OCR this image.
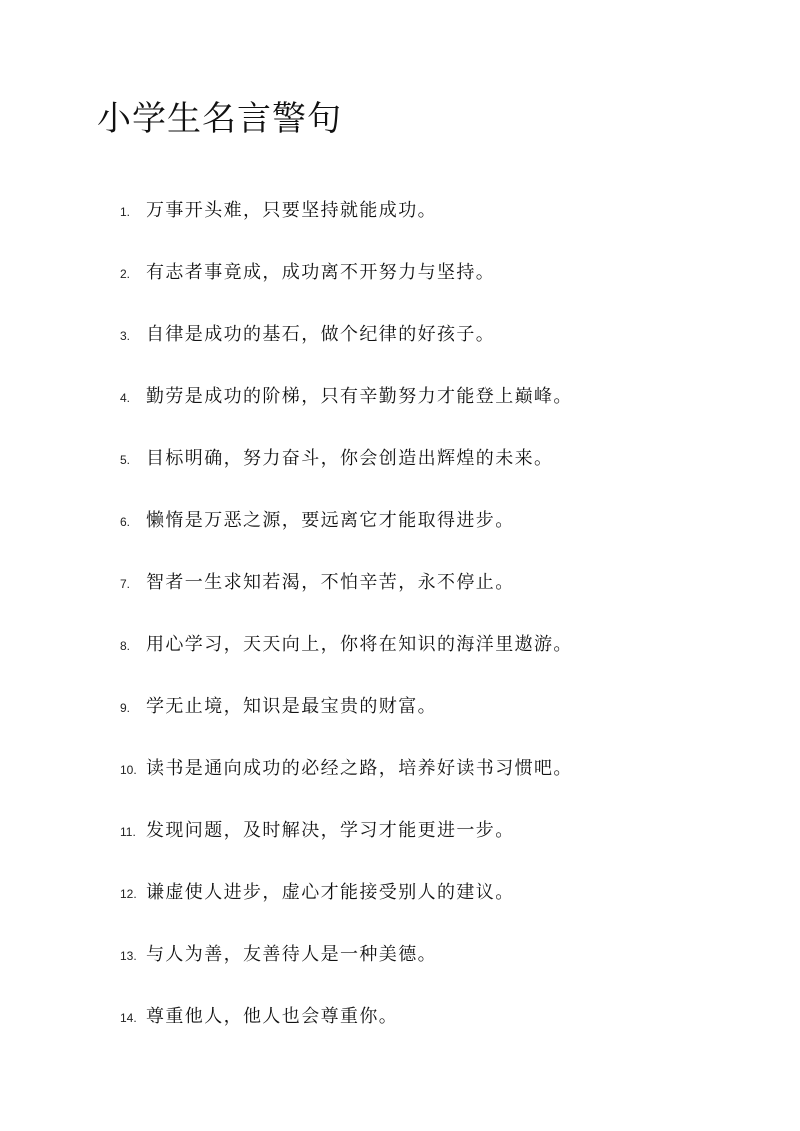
小学生名言警句
1. 万事开头难，只要坚持就能成功。
2. 有志者事竟成，成功离不开努力与坚持。
3. 自律是成功的基石，做个纪律的好孩子。
4. 勤劳是成功的阶梯，只有辛勤努力才能登上巅峰。
5. 目标明确，努力奋斗，你会创造出辉煌的未来。
6. 懒惰是万恶之源，要远离它才能取得进步。
7. 智者一生求知若渴，不怕辛苦，永不停止。
8. 用心学习，天天向上，你将在知识的海洋里遨游。
9. 学无止境，知识是最宝贵的财富。
10. 读书是通向成功的必经之路，培养好读书习惯吧。
11. 发现问题，及时解决，学习才能更进一步。
12. 谦虚使人进步，虚心才能接受别人的建议。
13. 与人为善，友善待人是一种美德。
14. 尊重他人，他人也会尊重你。
